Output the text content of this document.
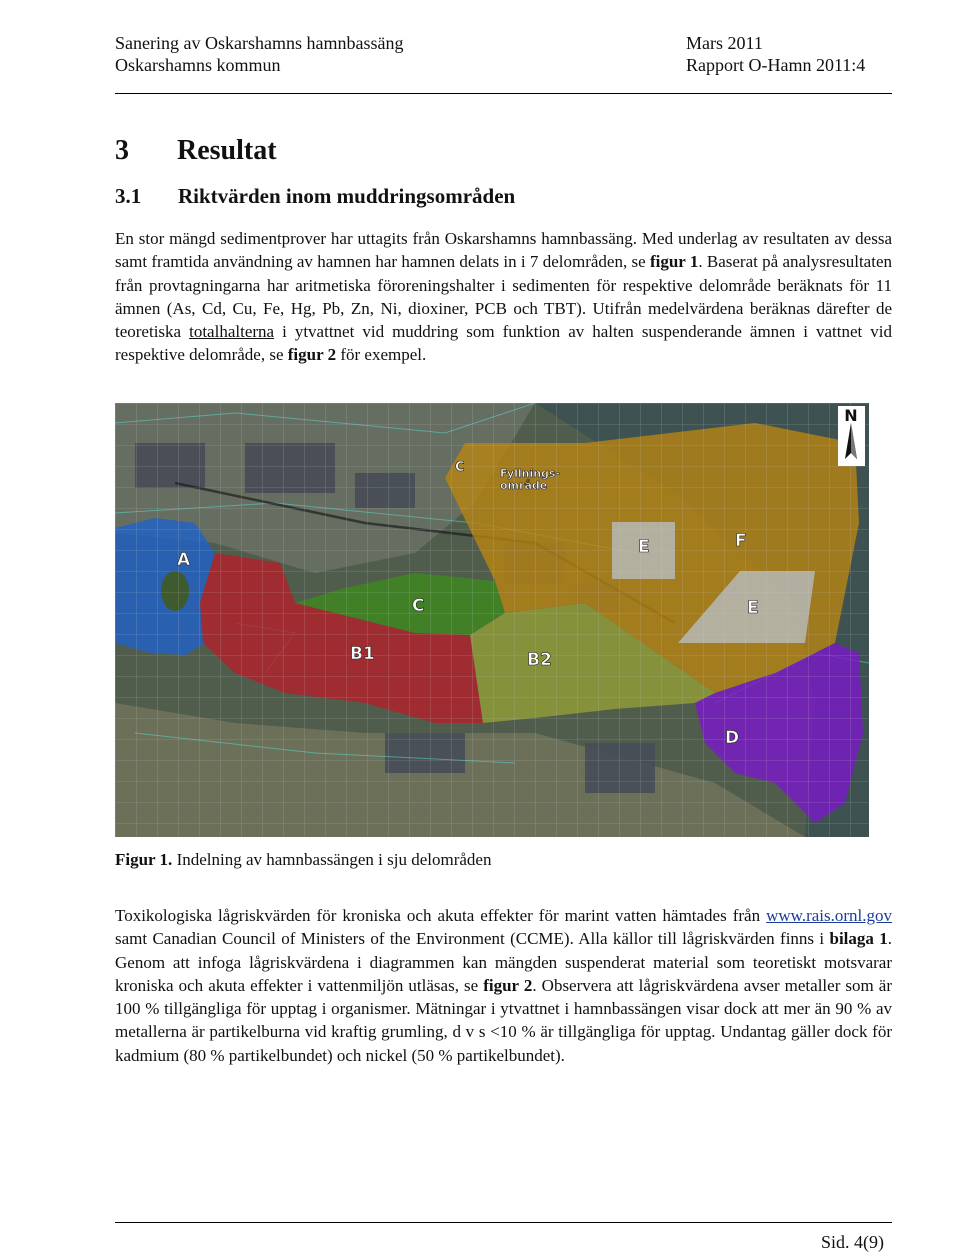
Sanering av Oskarshamns hamnbassäng
Oskarshamns kommun
Mars 2011
Rapport O-Hamn 2011:4
3 Resultat
3.1 Riktvärden inom muddringsområden

En stor mängd sedimentprover har uttagits från Oskarshamns hamnbassäng. Med underlag av resultaten av dessa samt framtida användning av hamnen har hamnen delats in i 7 delområden, se figur 1. Baserat på analysresultaten från provtagningarna har aritmetiska föroreningshalter i sedimenten för respektive delområde beräknats för 11 ämnen (As, Cd, Cu, Fe, Hg, Pb, Zn, Ni, dioxiner, PCB och TBT). Utifrån medelvärdena beräknas därefter de teoretiska totalhalterna i ytvattnet vid muddring som funktion av halten suspenderande ämnen i vattnet vid respektive delområde, se figur 2 för exempel.

N
Fyllnings-
område
A
B1	B2
C
C
D
E
E
F
Figur 1. Indelning av hamnbassängen i sju delområden

Toxikologiska lågriskvärden för kroniska och akuta effekter för marint vatten hämtades från www.rais.ornl.gov samt Canadian Council of Ministers of the Environment (CCME). Alla källor till lågriskvärden finns i bilaga 1. Genom att infoga lågriskvärdena i diagrammen kan mängden suspenderat material som teoretiskt motsvarar kroniska och akuta effekter i vattenmiljön utläsas, se figur 2. Observera att lågriskvärdena avser metaller som är 100 % tillgängliga för upptag i organismer. Mätningar i ytvattnet i hamnbassängen visar dock att mer än 90 % av metallerna är partikelburna vid kraftig grumling, d v s <10 % är tillgängliga för upptag. Undantag gäller dock för kadmium (80 % partikelbundet) och nickel (50 % partikelbundet).

Sid. 4(9)
